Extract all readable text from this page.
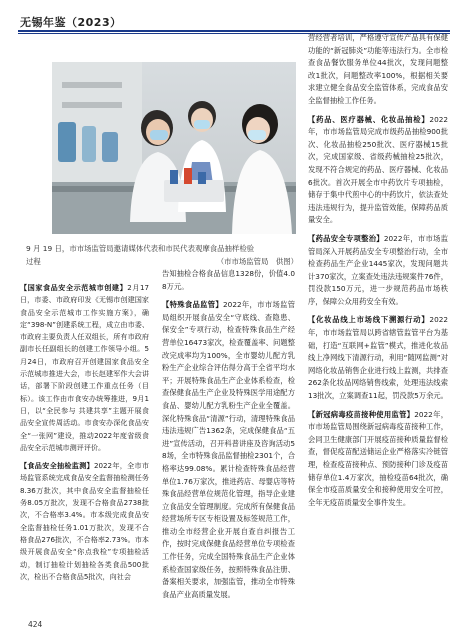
无锡年鉴（2023）
9 月 19 日，市市场监管局邀请媒体代表和市民代表观摩食品抽样检验
过程	（市市场监管局　供图）

【国家食品安全示范城市创建】2月17日，市委、市政府印发《无锡市创建国家食品安全示范城市工作实施方案》，确定“398-N”创建系统工程，成立由市委、市政府主要负责人任双组长，所有市政府副市长任副组长的创建工作领导小组。5月24日，市政府召开创建国家食品安全示范城市推进大会，市长赵建军作大会讲话，部署下阶段创建工作重点任务（目标）。该工作由市食安办统筹推进，9月1日，以“全民参与 共建共享”主题开展食品安全宣传周活动。市食安办深化食品安全“一张网”建设，推动2022年度省级食品安全示范城市测评评价。

【食品安全抽检监测】2022年，全市市场监管系统完成食品安全监督抽检测任务8.36万批次，其中食品安全监督抽检任务8.05万批次，发现不合格食品2738批次，不合格率3.4%。市本级完成食品安全监督抽检任务1.01万批次，发现不合格食品276批次，不合格率2.73%。市本级开展食品安全“你点我检”专项抽检活动，制订抽检计划抽检各类食品500批次，检出不合格食品5批次，向社会

告知抽检合格食品信息1328份，价值4.08万元。

【特殊食品监管】2022年，市市场监管局组织开展食品安全“守底线、查隐患、保安全”专项行动，检查特殊食品生产经营单位16473家次，检查覆盖率、问题整改完成率均为100%，全市婴幼儿配方乳粉生产企业综合评估得分高于全省平均水平；开展特殊食品生产企业体系检查，检查保健食品生产企业及特殊医学用途配方食品、婴幼儿配方乳粉生产企业全覆盖。深化特殊食品“清源”行动，清理特殊食品违法违规广告1362条，完成保健食品“五进”宣传活动，召开科普讲座及咨询活动58场，全市特殊食品监督抽检2301个，合格率达99.08%。累计检查特殊食品经营单位1.76万家次，推进药店、母婴店等特殊食品经营单位规范化管理，指导企业建立食品安全管理制度。完成所有保健食品经营场所专区专柜设置及标签规范工作，推动全市经营企业开展自查自纠报告工作，按时完成保健食品经营单位专项检查工作任务，完成全国特殊食品生产企业体系检查国家级任务，按照特殊食品注册、备案相关要求，加强监管，推动全市特殊食品产业高质量发展。

营经营者培训，严格遵守宣传产品具有保健功能的“新冠肺炎”功能等违法行为。全市检查食品餐饮服务单位44批次，发现问题整改1批次，问题整改率100%，根据相关要求建立健全食品安全监管体系，完成食品安全监督抽检工作任务。

【药品、医疗器械、化妆品抽检】2022年，市市场监管局完成市级药品抽检900批次、化妆品抽检250批次、医疗器械15批次，完成国家级、省级药械抽检25批次，发现不符合规定的药品、医疗器械、化妆品6批次。首次开展全市中药饮片专项抽检，储存于集中代煎中心的中药饮片，依法查处违法违规行为，提升监管效能，保障药品质量安全。

【药品安全专项整治】2022年，市市场监管局深入开展药品安全专项整治行动，全市检查药品生产企业1445家次，发现问题共计370家次，立案查处违法违规案件76件，罚没款150万元，进一步规范药品市场秩序，保障公众用药安全有效。

【化妆品线上市场线下溯源行动】2022年，市市场监管局以跨省辖管监管平台为基础，打造“互联网+监管”模式，推进化妆品线上净网线下清源行动，利用“随网监测”对网络化妆品销售企业进行线上监测，共排查262条化妆品网络销售线索，处理违法线索13批次，立案调查11起，罚没款5万余元。

【新冠病毒疫苗接种使用监管】2022年，市市场监管局围绕新冠病毒疫苗接种工作，会同卫生健康部门开展疫苗接种质量监督检查，督促疫苗配送储运企业严格落实冷链管理，检查疫苗接种点、预防接种门诊及疫苗储存单位1.4万家次，抽检疫苗64批次，确保全市疫苗质量安全和接种使用安全可控，全年无疫苗质量安全事件发生。

424
